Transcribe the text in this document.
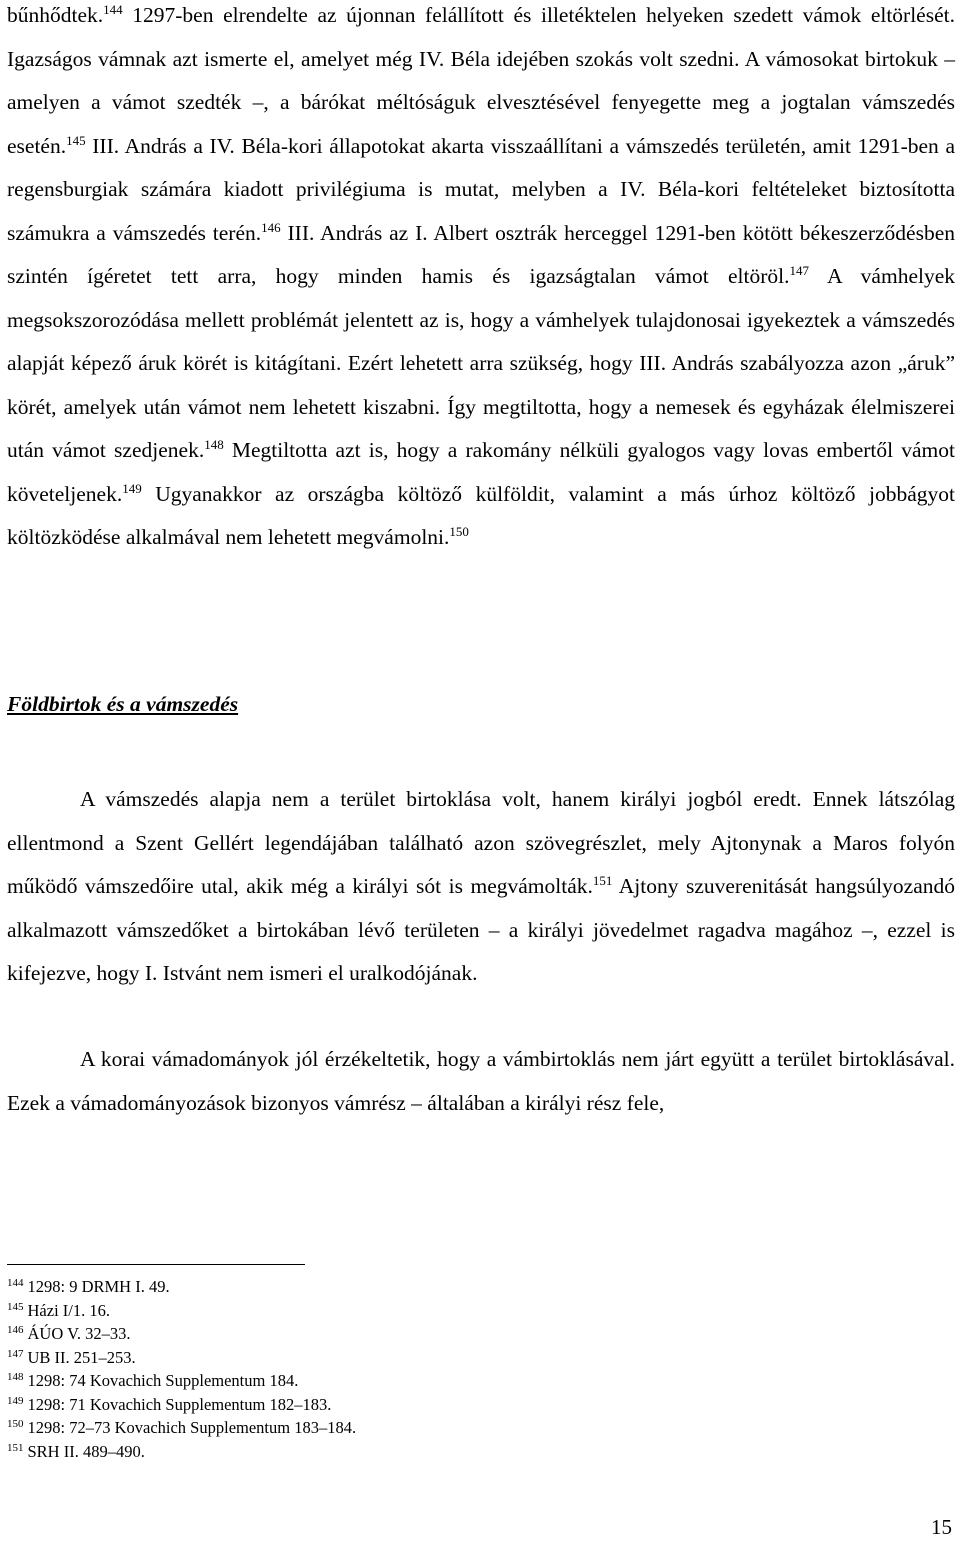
bűnhődtek.$^{144}$ 1297-ben elrendelte az újonnan felállított és illetéktelen helyeken szedett vámok eltörlését. Igazságos vámnak azt ismerte el, amelyet még IV. Béla idejében szokás volt szedni. A vámosokat birtokuk – amelyen a vámot szedték –, a bárókat méltóságuk elvesztésével fenyegette meg a jogtalan vámszedés esetén.$^{145}$ III. András a IV. Béla-kori állapotokat akarta visszaállítani a vámszedés területén, amit 1291-ben a regensburgiak számára kiadott privilégiuma is mutat, melyben a IV. Béla-kori feltételeket biztosította számukra a vámszedés terén.$^{146}$ III. András az I. Albert osztrák herceggel 1291-ben kötött békeszerződésben szintén ígéretet tett arra, hogy minden hamis és igazságtalan vámot eltöröl.$^{147}$ A vámhelyek megsokszorozódása mellett problémát jelentett az is, hogy a vámhelyek tulajdonosai igyekeztek a vámszedés alapját képező áruk körét is kitágítani. Ezért lehetett arra szükség, hogy III. András szabályozza azon „áruk” körét, amelyek után vámot nem lehetett kiszabni. Így megtiltotta, hogy a nemesek és egyházak élelmiszerei után vámot szedjenek.$^{148}$ Megtiltotta azt is, hogy a rakomány nélküli gyalogos vagy lovas embertől vámot követeljenek.$^{149}$ Ugyanakkor az országba költöző külföldit, valamint a más úrhoz költöző jobbágyot költözködése alkalmával nem lehetett megvámolni.$^{150}$

Földbirtok és a vámszedés

A vámszedés alapja nem a terület birtoklása volt, hanem királyi jogból eredt. Ennek látszólag ellentmond a Szent Gellért legendájában található azon szövegrészlet, mely Ajtonynak a Maros folyón működő vámszedőire utal, akik még a királyi sót is megvámolták.$^{151}$ Ajtony szuverenitását hangsúlyozandó alkalmazott vámszedőket a birtokában lévő területen – a királyi jövedelmet ragadva magához –, ezzel is kifejezve, hogy I. Istvánt nem ismeri el uralkodójának.

A korai vámadományok jól érzékeltetik, hogy a vámbirtoklás nem járt együtt a terület birtoklásával. Ezek a vámadományozások bizonyos vámrész – általában a királyi rész fele,

$^{144}$ 1298: 9 DRMH I. 49.
$^{145}$ Házi I/1. 16.
$^{146}$ ÁÚO V. 32–33.
$^{147}$ UB II. 251–253.
$^{148}$ 1298: 74 Kovachich Supplementum 184.
$^{149}$ 1298: 71 Kovachich Supplementum 182–183.
$^{150}$ 1298: 72–73 Kovachich Supplementum 183–184.
$^{151}$ SRH II. 489–490.

15
